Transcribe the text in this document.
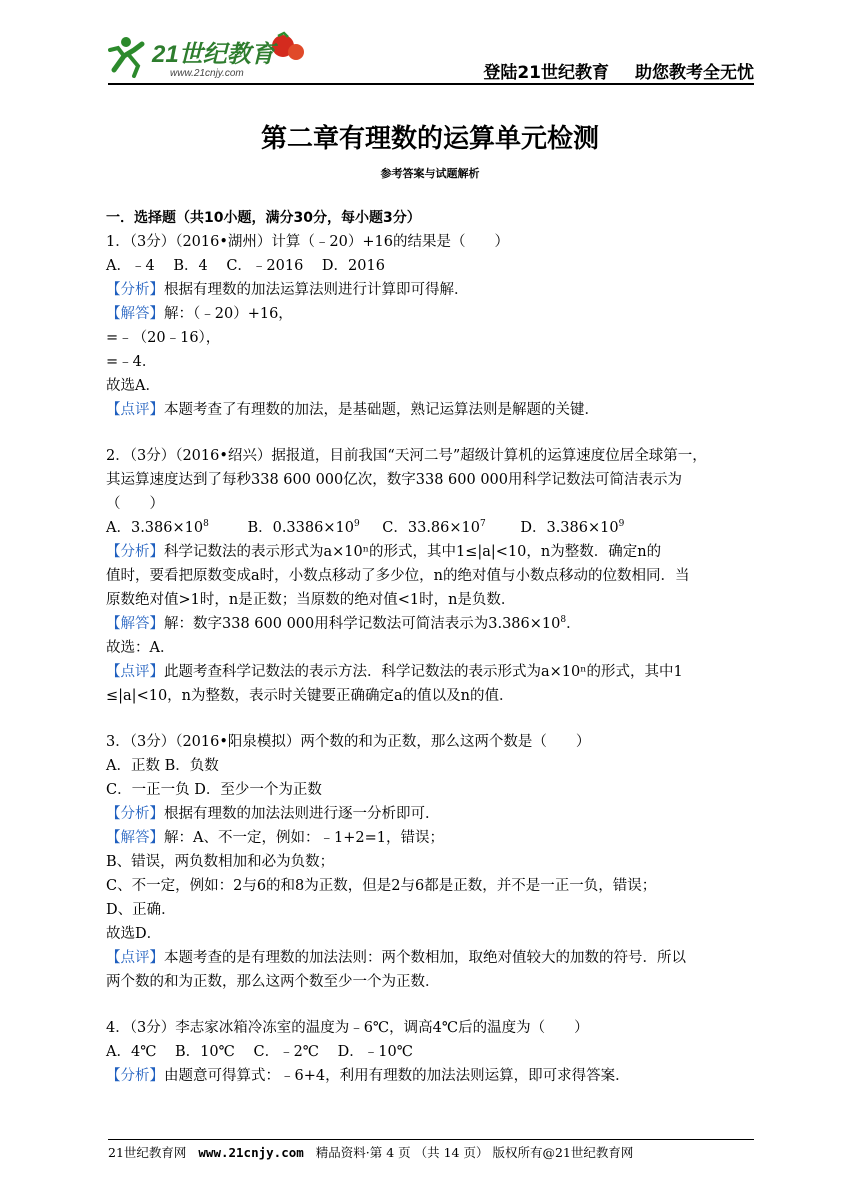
21世纪教育
www.21cnjy.com	登陆21世纪教育 助您教考全无忧
第二章有理数的运算单元检测
参考答案与试题解析
一．选择题（共10小题，满分30分，每小题3分）
1．（3分）（2016•湖州）计算（﹣20）+16的结果是（　　）
A．﹣4 B．4 C．﹣2016 D．2016
【分析】根据有理数的加法运算法则进行计算即可得解．
【解答】解：（﹣20）+16，
=﹣（20﹣16），
=﹣4．
故选A．
【点评】本题考查了有理数的加法，是基础题，熟记运算法则是解题的关键．
2．（3分）（2016•绍兴）据报道，目前我国“天河二号”超级计算机的运算速度位居全球第一，
其运算速度达到了每秒338 600 000亿次，数字338 600 000用科学记数法可简洁表示为
（　　）
A．$3.386\times 10^8$	B．$0.3386\times 10^9$ C．$33.86\times 10^7$ D．$3.386\times 10^9$
【分析】科学记数法的表示形式为a×10ⁿ的形式，其中1≤|a|<10，n为整数．确定n的
值时，要看把原数变成a时，小数点移动了多少位，n的绝对值与小数点移动的位数相同．当
原数绝对值>1时，n是正数；当原数的绝对值<1时，n是负数．
【解答】解：数字338 600 000用科学记数法可简洁表示为$3.386\times 10^8$．
故选：A．
【点评】此题考查科学记数法的表示方法．科学记数法的表示形式为a×10ⁿ的形式，其中1
≤|a|<10，n为整数，表示时关键要正确确定a的值以及n的值．
3．（3分）（2016•阳泉模拟）两个数的和为正数，那么这两个数是（　　）
A．正数 B．负数
C．一正一负 D．至少一个为正数
【分析】根据有理数的加法法则进行逐一分析即可．
【解答】解：A、不一定，例如：﹣1+2=1，错误；
B、错误，两负数相加和必为负数；
C、不一定，例如：2与6的和8为正数，但是2与6都是正数，并不是一正一负，错误；
D、正确．
故选D．
【点评】本题考查的是有理数的加法法则：两个数相加，取绝对值较大的加数的符号．所以
两个数的和为正数，那么这两个数至少一个为正数．
4．（3分）李志家冰箱冷冻室的温度为﹣6℃，调高4℃后的温度为（　　）
A．4℃ B．10℃ C．﹣2℃ D．﹣10℃
【分析】由题意可得算式：﹣6+4，利用有理数的加法法则运算，即可求得答案．
21世纪教育网 www.21cnjy.com 精品资料·第 4 页 （共 14 页） 版权所有@21世纪教育网
